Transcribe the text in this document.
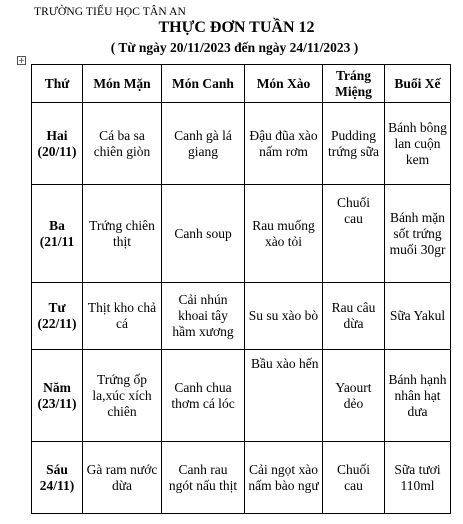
TRƯỜNG TIỂU HỌC TÂN AN
THỰC ĐƠN TUẦN 12
( Từ ngày 20/11/2023 đến ngày 24/11/2023 )
+
Thứ	Món Mặn	Món Canh	Món Xào	Tráng Miệng	Buổi Xế
Hai (20/11)	Cá ba sa chiên giòn	Canh gà lá giang	Đậu đũa xào nấm rơm	Pudding trứng sữa	Bánh bông lan cuộn kem
Ba (21/11	Trứng chiên thịt	Canh soup	Rau muống xào tỏi	Chuối cau	Bánh mặn sốt trứng muối 30gr
Tư (22/11)	Thịt kho chả cá	Cải nhún khoai tây hầm xương	Su su xào bò	Rau câu dừa	Sữa Yakul
Năm (23/11)	Trứng ốp la,xúc xích chiên	Canh chua thơm cá lóc	Bầu xào hến	Yaourt dẻo	Bánh hạnh nhân hạt dưa
Sáu 24/11)	Gà ram nước dừa	Canh rau ngót nấu thịt	Cải ngọt xào nấm bào ngư	Chuối cau	Sữa tươi 110ml
